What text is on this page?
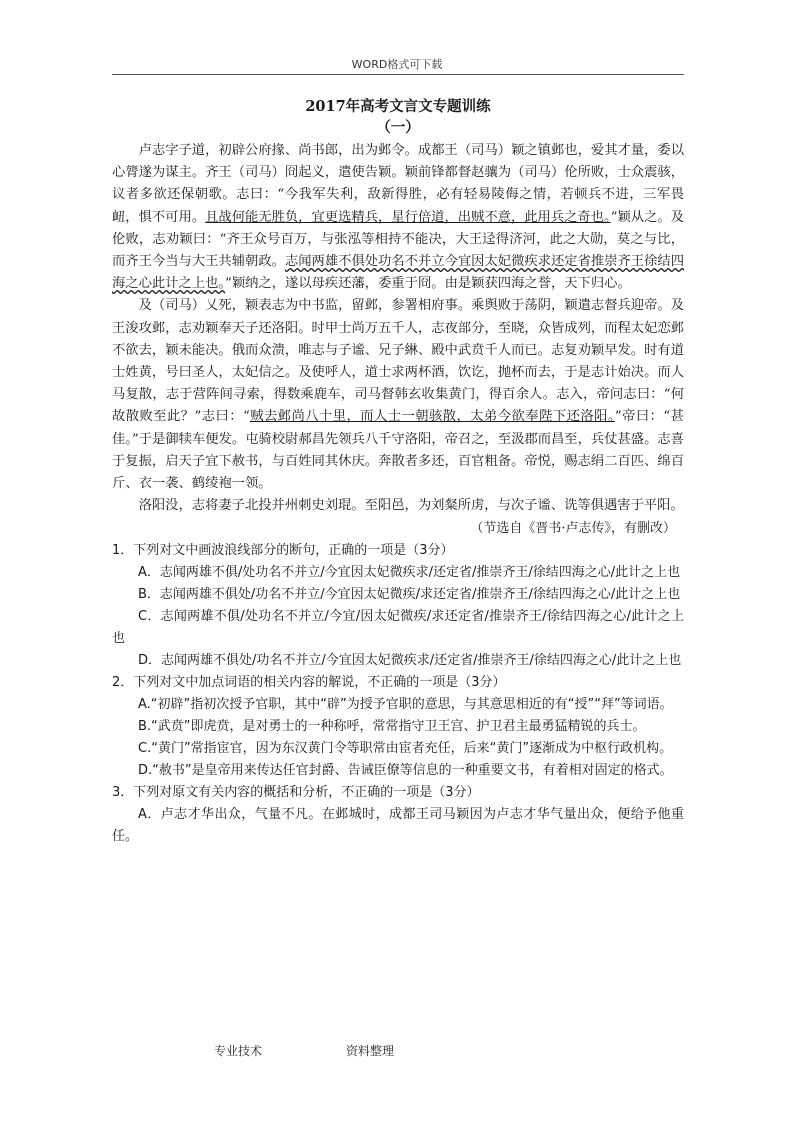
WORD格式可下载

2017年高考文言文专题训练

（一）

卢志字子道，初辟公府掾、尚书郎，出为邺令。成都王（司马）颖之镇邺也，爱其才量，委以心膂遂为谋主。齐王（司马）冏起义，遣使告颖。颖前锋都督赵骧为（司马）伦所败，士众震骇，议者多欲还保朝歌。志曰：“今我军失利，敌新得胜，必有轻易陵侮之情，若顿兵不进，三军畏衄，惧不可用。且战何能无胜负，宜更选精兵，星行倍道，出贼不意，此用兵之奇也。”颖从之。及伦败，志劝颖曰：“齐王众号百万，与张泓等相持不能决，大王迳得济河，此之大勋，莫之与比，而齐王今当与大王共辅朝政。志闻两雄不俱处功名不并立今宜因太妃微疾求还定省推崇齐王徐结四海之心此计之上也。”颖纳之，遂以母疾还藩，委重于冏。由是颖获四海之誉，天下归心。

及（司马）乂死，颖表志为中书监，留邺，参署相府事。乘舆败于荡阴，颖遣志督兵迎帝。及王浚攻邺，志劝颖奉天子还洛阳。时甲士尚万五千人，志夜部分，至晓，众皆成列，而程太妃恋邺不欲去，颖未能决。俄而众溃，唯志与子谧、兄子綝、殿中武贲千人而已。志复劝颖早发。时有道士姓黄，号曰圣人，太妃信之。及使呼人，道士求两杯酒，饮讫，抛杯而去，于是志计始决。而人马复散，志于营阵间寻索，得数乘鹿车，司马督韩玄收集黄门，得百余人。志入，帝问志曰：“何故散败至此？”志曰：“贼去邺尚八十里，而人士一朝骇散，太弟今欲奉陛下还洛阳。”帝曰：“甚佳。”于是御犊车便发。屯骑校尉郝昌先领兵八千守洛阳，帝召之，至汲郡而昌至，兵仗甚盛。志喜于复振，启天子宜下赦书，与百姓同其休庆。奔散者多还，百官粗备。帝悦，赐志绢二百匹、绵百斤、衣一袭、鹤绫袍一领。

洛阳没，志将妻子北投并州刺史刘琨。至阳邑，为刘粲所虏，与次子谧、诜等俱遇害于平阳。

（节选自《晋书·卢志传》，有删改）

1．下列对文中画波浪线部分的断句，正确的一项是（3分）

A．志闻两雄不俱/处功名不并立/今宜因太妃微疾求/还定省/推崇齐王/徐结四海之心/此计之上也

B．志闻两雄不俱处/功名不并立/今宜因太妃微疾/求还定省/推崇齐王/徐结四海之心/此计之上也

C．志闻两雄不俱/处功名不并立/今宜/因太妃微疾/求还定省/推崇齐王/徐结四海之心/此计之上也

D．志闻两雄不俱处/功名不并立/今宜因太妃微疾求/还定省/推崇齐王/徐结四海之心/此计之上也

2．下列对文中加点词语的相关内容的解说，不正确的一项是（3分）

A.“初辟”指初次授予官职，其中“辟”为授予官职的意思，与其意思相近的有“授”“拜”等词语。

B.“武贲”即虎贲，是对勇士的一种称呼，常常指守卫王宫、护卫君主最勇猛精锐的兵士。

C.“黄门”常指宦官，因为东汉黄门令等职常由宦者充任，后来“黄门”逐渐成为中枢行政机构。

D.“赦书”是皇帝用来传达任官封爵、告诫臣僚等信息的一种重要文书，有着相对固定的格式。

3．下列对原文有关内容的概括和分析，不正确的一项是（3分）

A．卢志才华出众，气量不凡。在邺城时，成都王司马颖因为卢志才华气量出众，便给予他重任。

专业技术	资料整理
